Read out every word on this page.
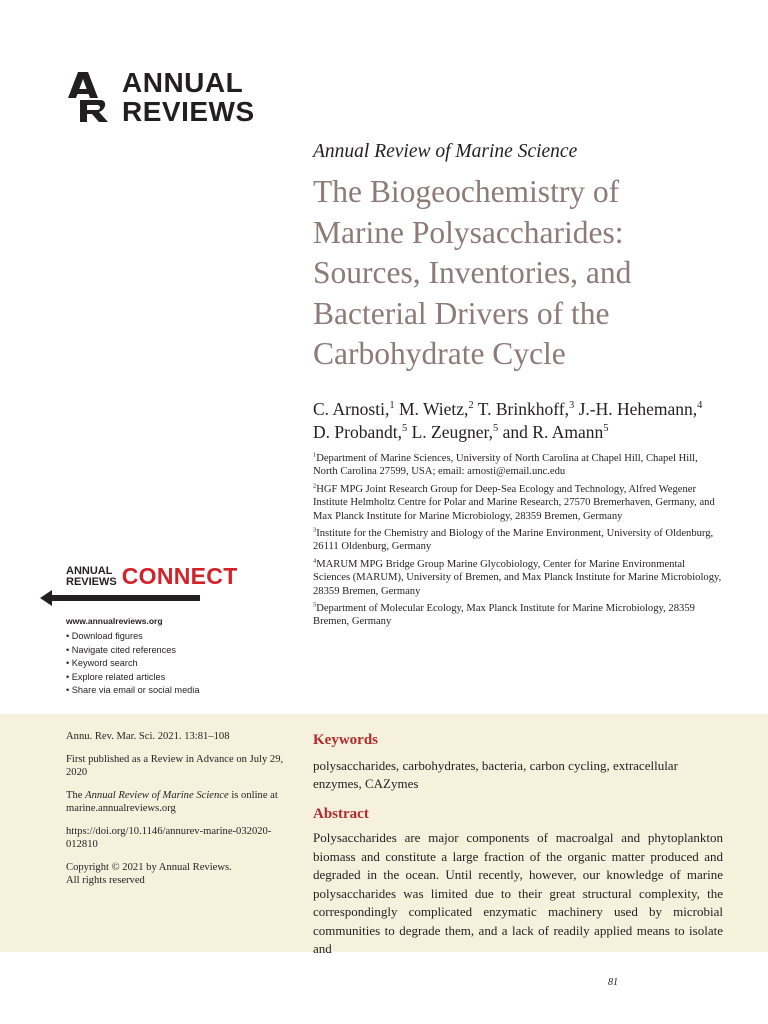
ANNUAL
REVIEWS
Annual Review of Marine Science
The Biogeochemistry of
Marine Polysaccharides:
Sources, Inventories, and
Bacterial Drivers of the
Carbohydrate Cycle
C. Arnosti,$^1$ M. Wietz,$^2$ T. Brinkhoff,$^3$ J.-H. Hehemann,$^4$
D. Probandt,$^5$ L. Zeugner,$^5$ and R. Amann$^5$
$^1$Department of Marine Sciences, University of North Carolina at Chapel Hill, Chapel Hill, North Carolina 27599, USA; email: arnosti@email.unc.edu
$^2$HGF MPG Joint Research Group for Deep-Sea Ecology and Technology, Alfred Wegener Institute Helmholtz Centre for Polar and Marine Research, 27570 Bremerhaven, Germany, and Max Planck Institute for Marine Microbiology, 28359 Bremen, Germany
$^3$Institute for the Chemistry and Biology of the Marine Environment, University of Oldenburg, 26111 Oldenburg, Germany
$^4$MARUM MPG Bridge Group Marine Glycobiology, Center for Marine Environmental Sciences (MARUM), University of Bremen, and Max Planck Institute for Marine Microbiology, 28359 Bremen, Germany
$^5$Department of Molecular Ecology, Max Planck Institute for Marine Microbiology, 28359 Bremen, Germany
ANNUAL
REVIEWS CONNECT
www.annualreviews.org
• Download figures
• Navigate cited references
• Keyword search
• Explore related articles
• Share via email or social media

Annu. Rev. Mar. Sci. 2021. 13:81–108

First published as a Review in Advance on July 29, 2020

The Annual Review of Marine Science is online at marine.annualreviews.org

https://doi.org/10.1146/annurev-marine-032020-012810

Copyright © 2021 by Annual Reviews.
All rights reserved

Keywords
polysaccharides, carbohydrates, bacteria, carbon cycling, extracellular enzymes, CAZymes
Abstract
Polysaccharides are major components of macroalgal and phytoplankton biomass and constitute a large fraction of the organic matter produced and degraded in the ocean. Until recently, however, our knowledge of marine polysaccharides was limited due to their great structural complexity, the correspondingly complicated enzymatic machinery used by microbial communities to degrade them, and a lack of readily applied means to isolate and
81
